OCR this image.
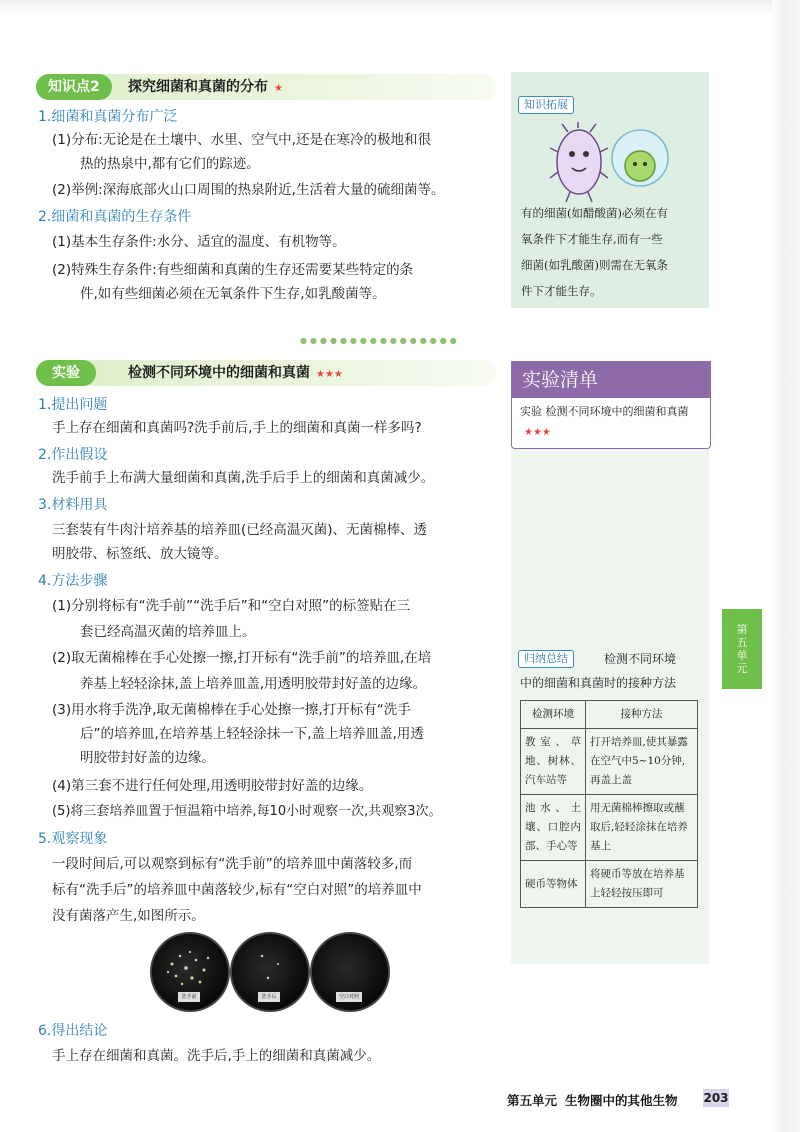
知识点2	探究细菌和真菌的分布 ★
1.细菌和真菌分布广泛
(1)分布:无论是在土壤中、水里、空气中,还是在寒冷的极地和很
热的热泉中,都有它们的踪迹。
(2)举例:深海底部火山口周围的热泉附近,生活着大量的硫细菌等。
2.细菌和真菌的生存条件
(1)基本生存条件:水分、适宜的温度、有机物等。
(2)特殊生存条件:有些细菌和真菌的生存还需要某些特定的条
件,如有些细菌必须在无氧条件下生存,如乳酸菌等。
知识拓展
有的细菌(如醋酸菌)必须在有
氧条件下才能生存,而有一些
细菌(如乳酸菌)则需在无氧条
件下才能生存。
●●●●●●●●●●●●●●●●
实验	检测不同环境中的细菌和真菌 ★★★
1.提出问题
手上存在细菌和真菌吗?洗手前后,手上的细菌和真菌一样多吗?
2.作出假设
洗手前手上布满大量细菌和真菌,洗手后手上的细菌和真菌减少。
3.材料用具
三套装有牛肉汁培养基的培养皿(已经高温灭菌)、无菌棉棒、透
明胶带、标签纸、放大镜等。
4.方法步骤
(1)分别将标有“洗手前”“洗手后”和“空白对照”的标签贴在三
套已经高温灭菌的培养皿上。
(2)取无菌棉棒在手心处擦一擦,打开标有“洗手前”的培养皿,在培
养基上轻轻涂抹,盖上培养皿盖,用透明胶带封好盖的边缘。
(3)用水将手洗净,取无菌棉棒在手心处擦一擦,打开标有“洗手
后”的培养皿,在培养基上轻轻涂抹一下,盖上培养皿盖,用透
明胶带封好盖的边缘。
(4)第三套不进行任何处理,用透明胶带封好盖的边缘。
(5)将三套培养皿置于恒温箱中培养,每10小时观察一次,共观察3次。
5.观察现象
一段时间后,可以观察到标有“洗手前”的培养皿中菌落较多,而
标有“洗手后”的培养皿中菌落较少,标有“空白对照”的培养皿中
没有菌落产生,如图所示。
洗手前	洗手后	空白对照
6.得出结论
手上存在细菌和真菌。洗手后,手上的细菌和真菌减少。
实验清单
实验 检测不同环境中的细菌和真菌★★★
第五单元
归纳总结	检测不同环境
中的细菌和真菌时的接种方法
检测环境	接种方法
教室、草地、树林、汽车站等	打开培养皿,使其暴露在空气中5~10分钟,再盖上盖
池水、土壤、口腔内部、手心等	用无菌棉棒擦取或蘸取后,轻轻涂抹在培养基上
硬币等物体	将硬币等放在培养基上轻轻按压即可
第五单元 生物圈中的其他生物 203
